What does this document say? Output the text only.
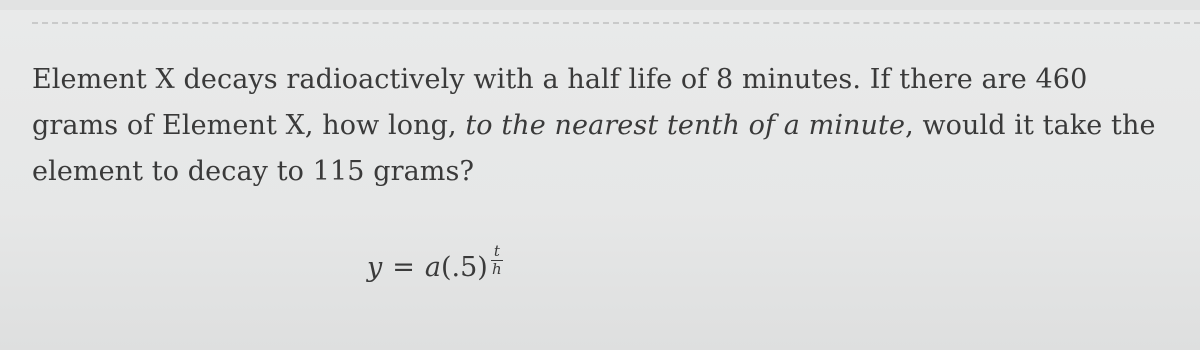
Element X decays radioactively with a half life of 8 minutes. If there are 460 grams of Element X, how long, to the nearest tenth of a minute, would it take the element to decay to 115 grams?
$y = a(.5) \frac{t}{h}$
